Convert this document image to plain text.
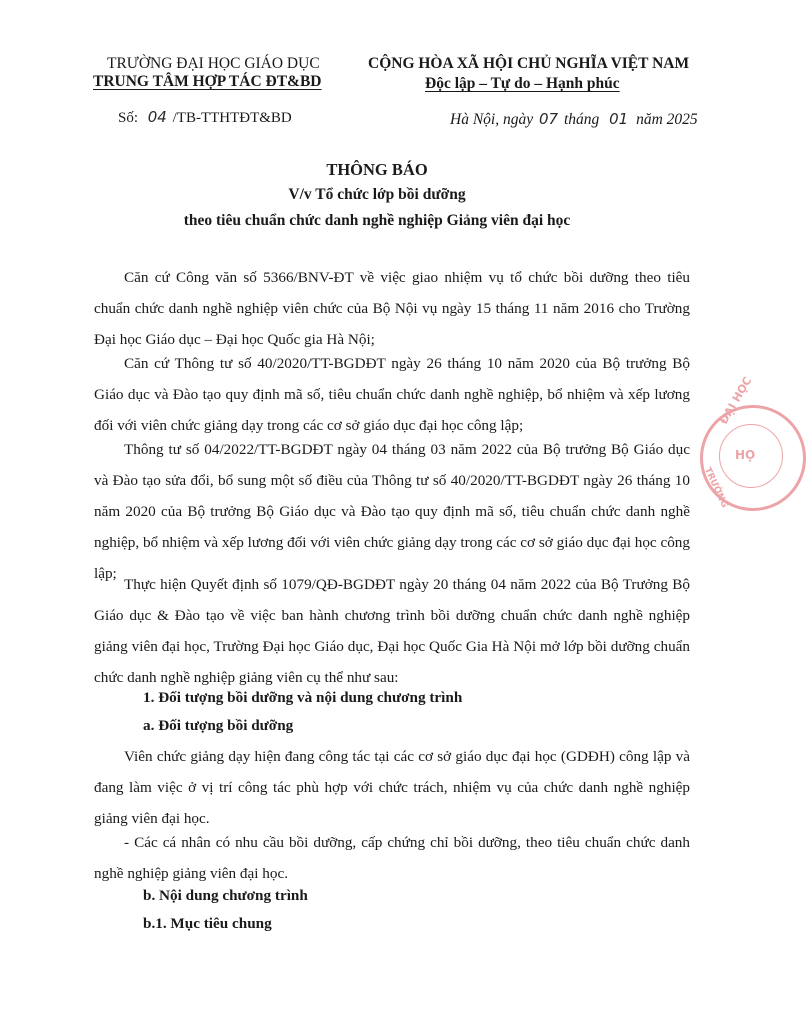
TRƯỜNG ĐẠI HỌC GIÁO DỤC
TRUNG TÂM HỢP TÁC ĐT&BD
CỘNG HÒA XÃ HỘI CHỦ NGHĨA VIỆT NAM
Độc lập – Tự do – Hạnh phúc
Số: 04 /TB-TTHTĐT&BD	Hà Nội, ngày 07 tháng 01 năm 2025
THÔNG BÁO
V/v Tổ chức lớp bồi dưỡng
theo tiêu chuẩn chức danh nghề nghiệp Giảng viên đại học

Căn cứ Công văn số 5366/BNV-ĐT về việc giao nhiệm vụ tổ chức bồi dưỡng theo tiêu chuẩn chức danh nghề nghiệp viên chức của Bộ Nội vụ ngày 15 tháng 11 năm 2016 cho Trường Đại học Giáo dục – Đại học Quốc gia Hà Nội;

Căn cứ Thông tư số 40/2020/TT-BGDĐT ngày 26 tháng 10 năm 2020 của Bộ trưởng Bộ Giáo dục và Đào tạo quy định mã số, tiêu chuẩn chức danh nghề nghiệp, bổ nhiệm và xếp lương đối với viên chức giảng dạy trong các cơ sở giáo dục đại học công lập;

Thông tư số 04/2022/TT-BGDĐT ngày 04 tháng 03 năm 2022 của Bộ trưởng Bộ Giáo dục và Đào tạo sửa đổi, bổ sung một số điều của Thông tư số 40/2020/TT-BGDĐT ngày 26 tháng 10 năm 2020 của Bộ trưởng Bộ Giáo dục và Đào tạo quy định mã số, tiêu chuẩn chức danh nghề nghiệp, bổ nhiệm và xếp lương đối với viên chức giảng dạy trong các cơ sở giáo dục đại học công lập;

Thực hiện Quyết định số 1079/QĐ-BGDĐT ngày 20 tháng 04 năm 2022 của Bộ Trưởng Bộ Giáo dục & Đào tạo về việc ban hành chương trình bồi dưỡng chuẩn chức danh nghề nghiệp giảng viên đại học, Trường Đại học Giáo dục, Đại học Quốc Gia Hà Nội mở lớp bồi dưỡng chuẩn chức danh nghề nghiệp giảng viên cụ thể như sau:

1. Đối tượng bồi dưỡng và nội dung chương trình
a. Đối tượng bồi dưỡng

Viên chức giảng dạy hiện đang công tác tại các cơ sở giáo dục đại học (GDĐH) công lập và đang làm việc ở vị trí công tác phù hợp với chức trách, nhiệm vụ của chức danh nghề nghiệp giảng viên đại học.

- Các cá nhân có nhu cầu bồi dưỡng, cấp chứng chỉ bồi dưỡng, theo tiêu chuẩn chức danh nghề nghiệp giảng viên đại học.

b. Nội dung chương trình
b.1. Mục tiêu chung
ĐẠI HỌC
HỌ
TRƯỜNG
